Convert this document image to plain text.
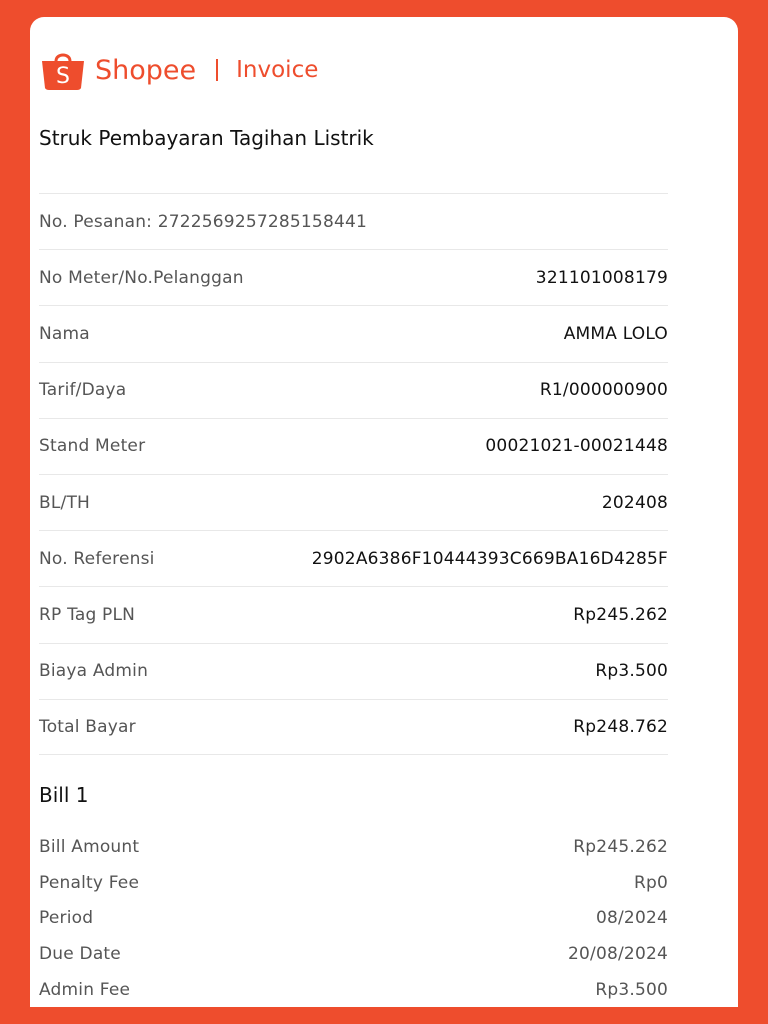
S Shopee Invoice
Struk Pembayaran Tagihan Listrik
No. Pesanan: 2722569257285158441
No Meter/No.Pelanggan	321101008179
Nama	AMMA LOLO
Tarif/Daya	R1/000000900
Stand Meter	00021021-00021448
BL/TH	202408
No. Referensi	2902A6386F10444393C669BA16D4285F
RP Tag PLN	Rp245.262
Biaya Admin	Rp3.500
Total Bayar	Rp248.762
Bill 1
Bill Amount	Rp245.262
Penalty Fee	Rp0
Period	08/2024
Due Date	20/08/2024
Admin Fee	Rp3.500
